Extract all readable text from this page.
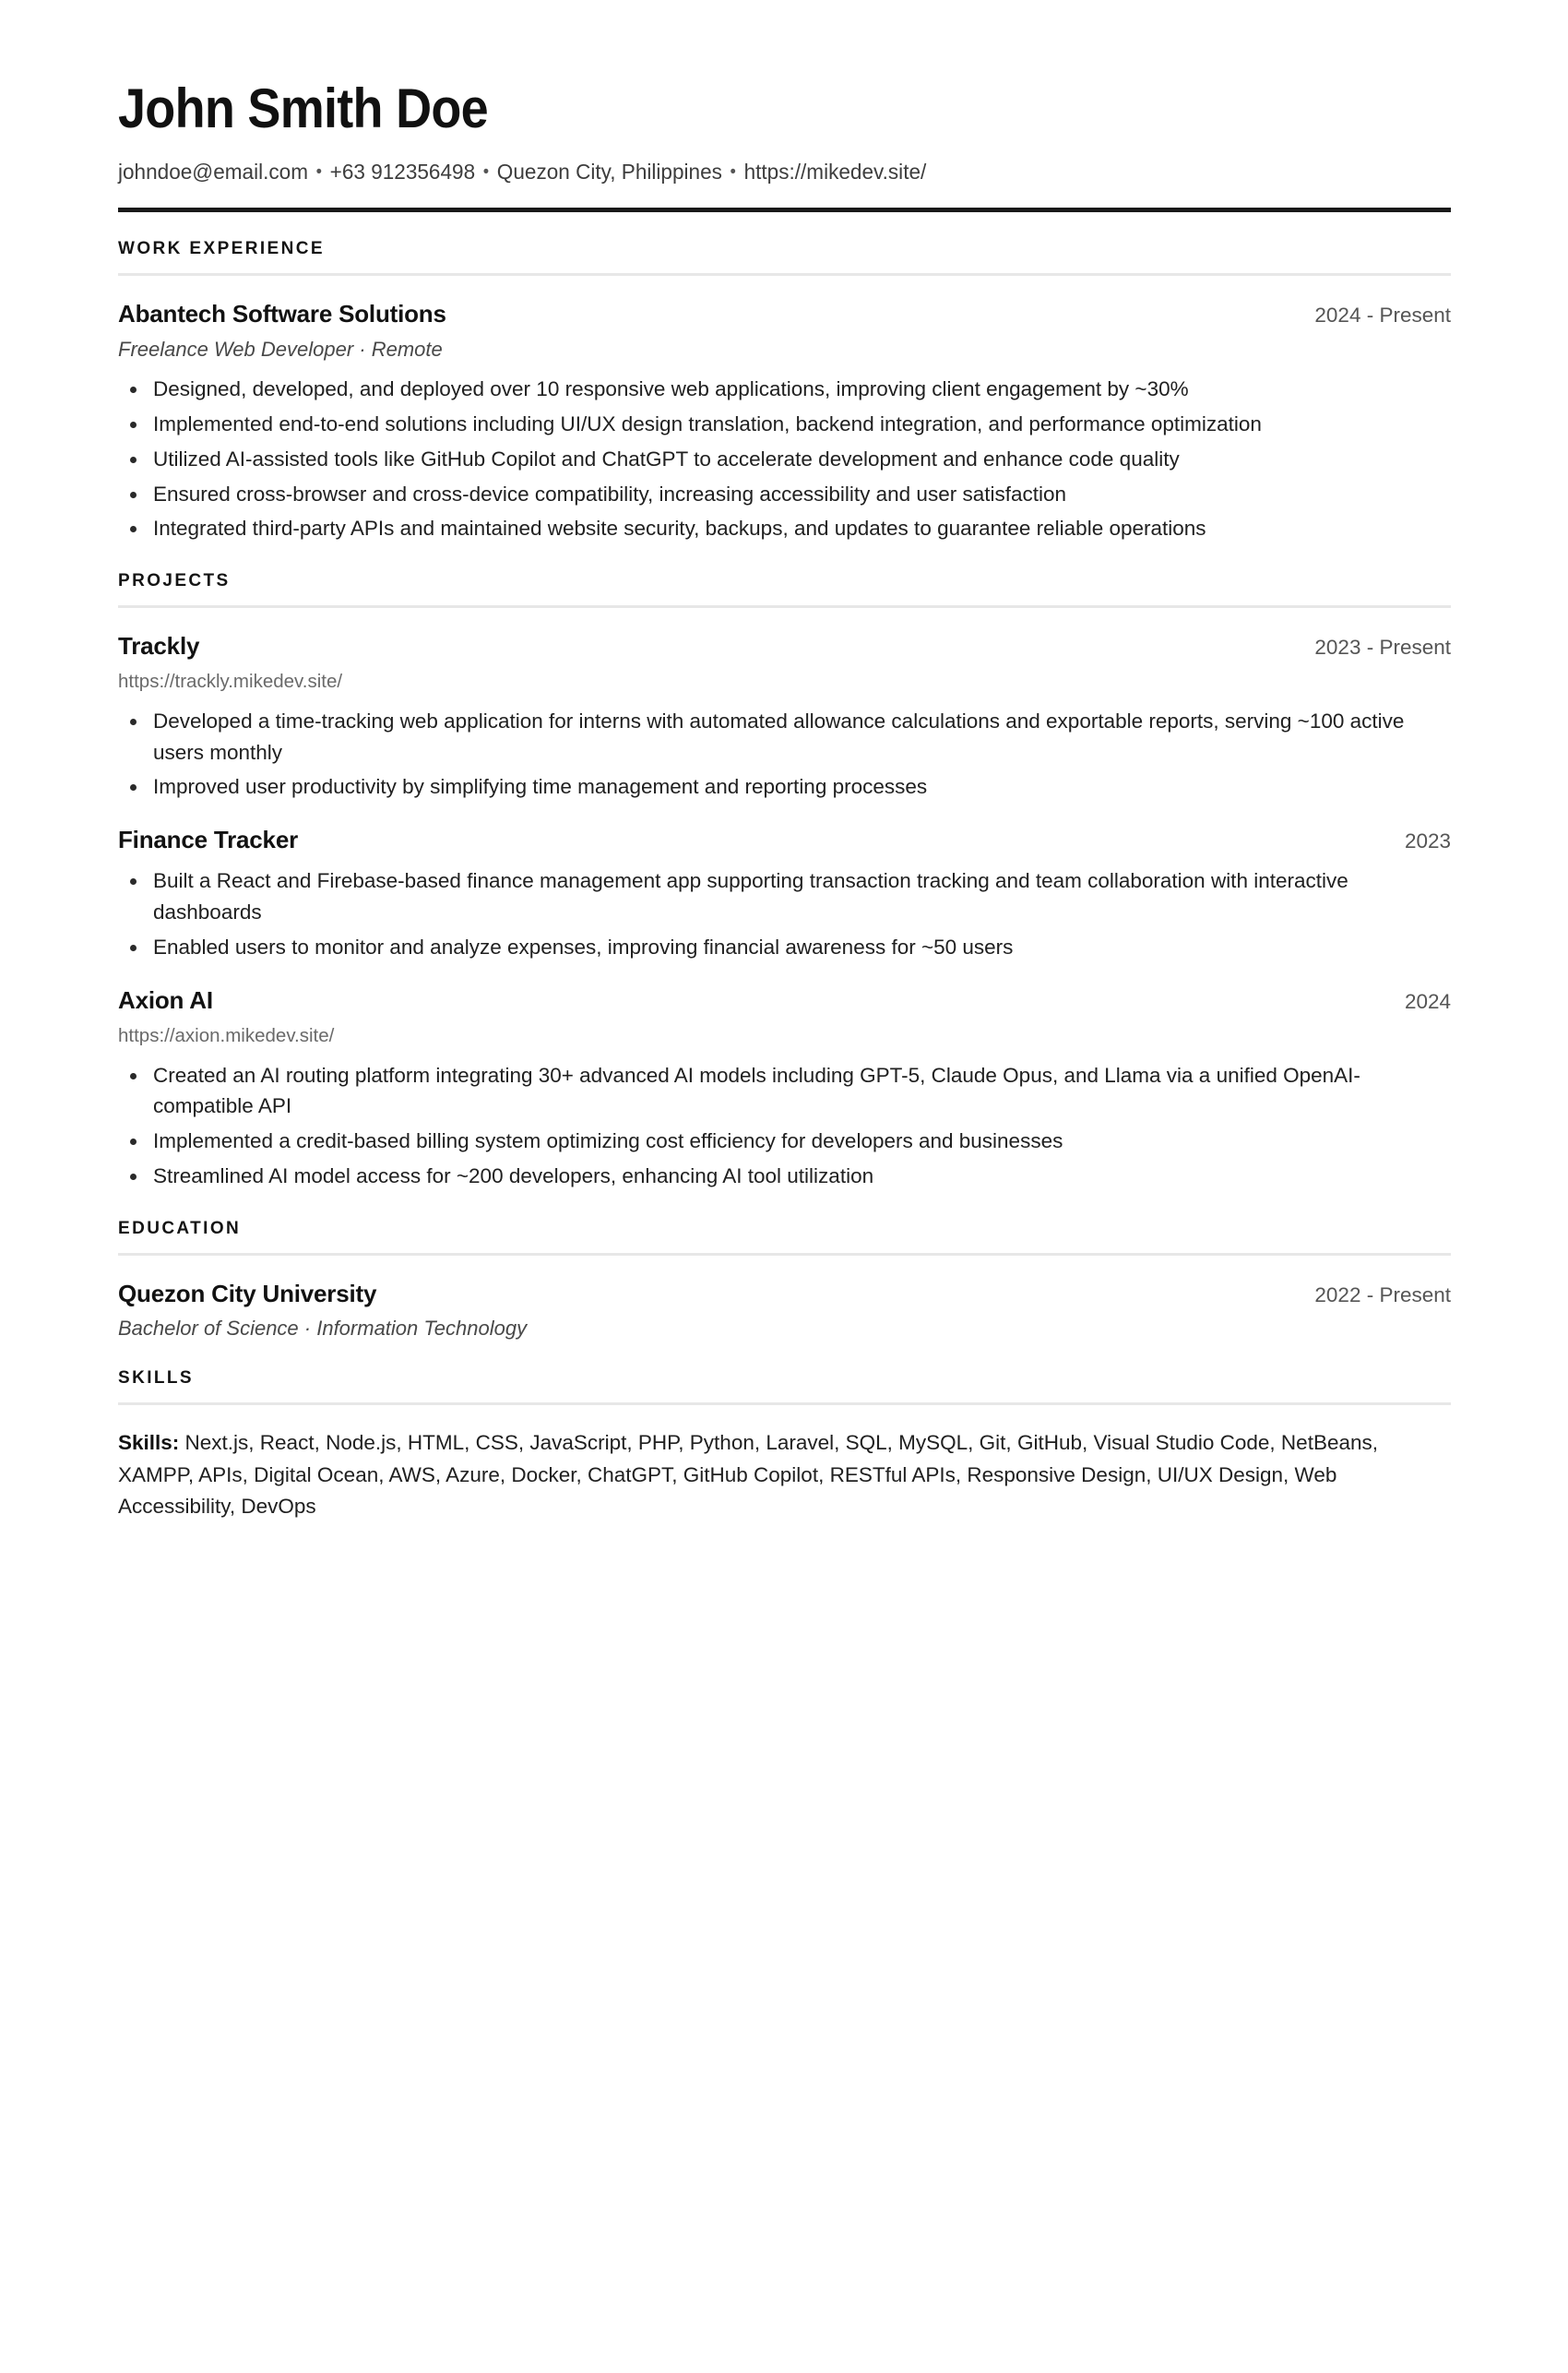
John Smith Doe

johndoe@email.com • +63 912356498 • Quezon City, Philippines • https://mikedev.site/

WORK EXPERIENCE
Abantech Software Solutions	2024 - Present

Freelance Web Developer · Remote

Designed, developed, and deployed over 10 responsive web applications, improving client engagement by ~30%
Implemented end-to-end solutions including UI/UX design translation, backend integration, and performance optimization
Utilized AI-assisted tools like GitHub Copilot and ChatGPT to accelerate development and enhance code quality
Ensured cross-browser and cross-device compatibility, increasing accessibility and user satisfaction
Integrated third-party APIs and maintained website security, backups, and updates to guarantee reliable operations
PROJECTS
Trackly	2023 - Present

https://trackly.mikedev.site/

Developed a time-tracking web application for interns with automated allowance calculations and exportable reports, serving ~100 active users monthly
Improved user productivity by simplifying time management and reporting processes
Finance Tracker	2023
Built a React and Firebase-based finance management app supporting transaction tracking and team collaboration with interactive dashboards
Enabled users to monitor and analyze expenses, improving financial awareness for ~50 users
Axion AI	2024

https://axion.mikedev.site/

Created an AI routing platform integrating 30+ advanced AI models including GPT-5, Claude Opus, and Llama via a unified OpenAI-compatible API
Implemented a credit-based billing system optimizing cost efficiency for developers and businesses
Streamlined AI model access for ~200 developers, enhancing AI tool utilization
EDUCATION
Quezon City University	2022 - Present

Bachelor of Science · Information Technology

SKILLS

Skills: Next.js, React, Node.js, HTML, CSS, JavaScript, PHP, Python, Laravel, SQL, MySQL, Git, GitHub, Visual Studio Code, NetBeans, XAMPP, APIs, Digital Ocean, AWS, Azure, Docker, ChatGPT, GitHub Copilot, RESTful APIs, Responsive Design, UI/UX Design, Web Accessibility, DevOps
